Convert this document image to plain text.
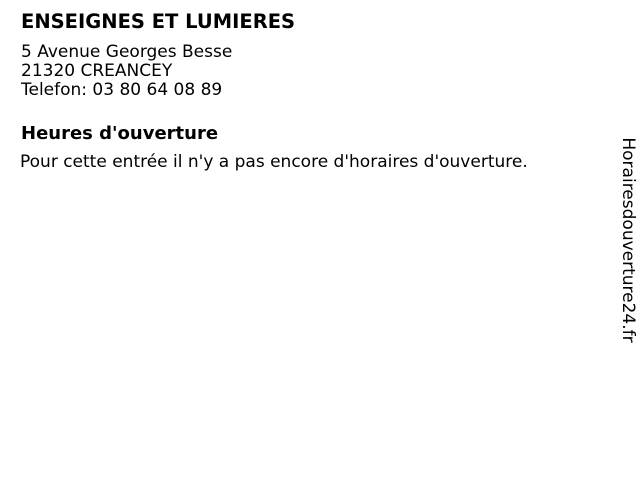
ENSEIGNES ET LUMIERES
5 Avenue Georges Besse
21320 CREANCEY
Telefon: 03 80 64 08 89
Heures d'ouverture

Pour cette entrée il n'y a pas encore d'horaires d'ouverture.	Horairesdouverture24.fr
